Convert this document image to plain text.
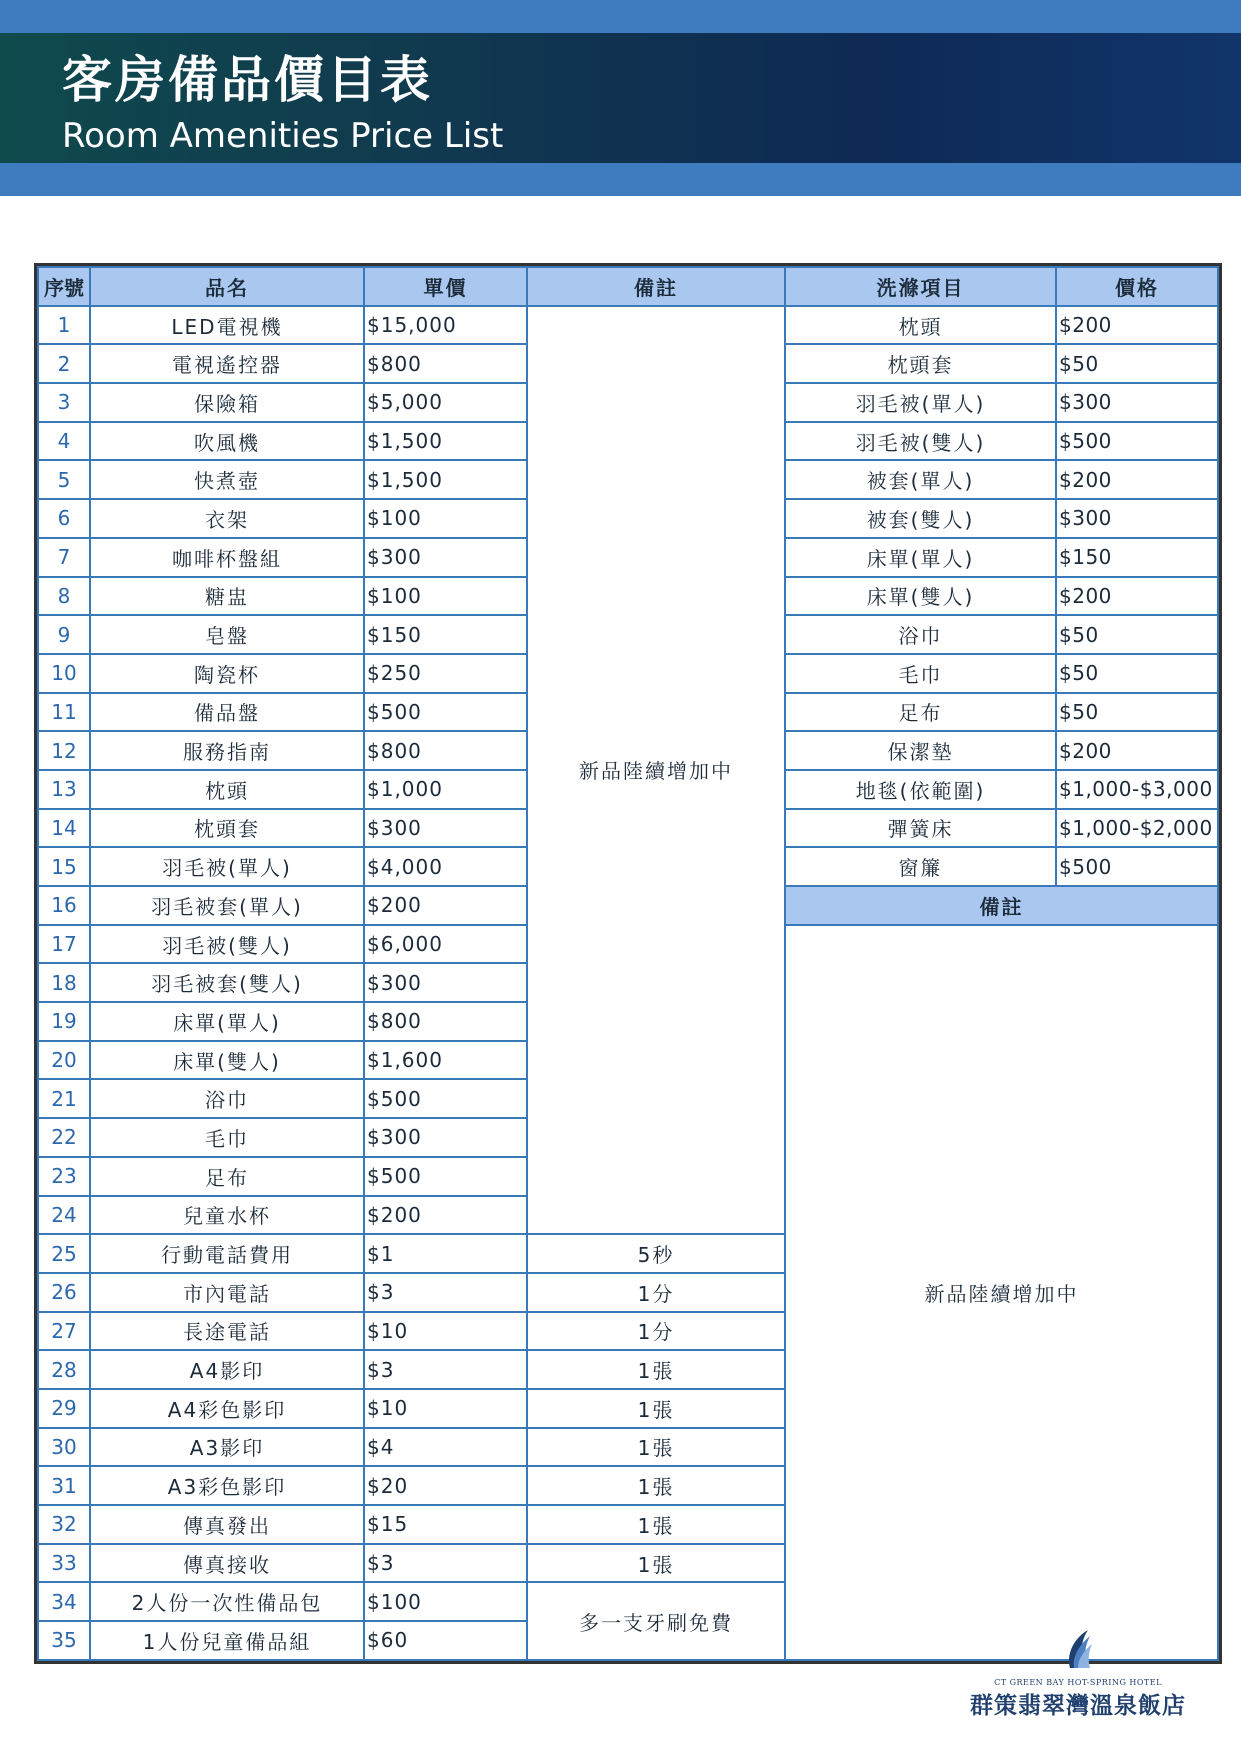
客房備品價目表
Room Amenities Price List
序號	品名	單價	備註	洗滌項目	價格
1	LED電視機	$15,000	新品陸續增加中	枕頭	$200
2	電視遙控器	$800		枕頭套	$50
3	保險箱	$5,000		羽毛被(單人)	$300
4	吹風機	$1,500		羽毛被(雙人)	$500
5	快煮壺	$1,500		被套(單人)	$200
6	衣架	$100		被套(雙人)	$300
7	咖啡杯盤組	$300		床單(單人)	$150
8	糖盅	$100		床單(雙人)	$200
9	皂盤	$150		浴巾	$50
10	陶瓷杯	$250		毛巾	$50
11	備品盤	$500		足布	$50
12	服務指南	$800		保潔墊	$200
13	枕頭	$1,000		地毯(依範圍)	$1,000-$3,000
14	枕頭套	$300		彈簧床	$1,000-$2,000
15	羽毛被(單人)	$4,000		窗簾	$500
16	羽毛被套(單人)	$200		備註	
17	羽毛被(雙人)	$6,000		新品陸續增加中	
18	羽毛被套(雙人)	$300			
19	床單(單人)	$800			
20	床單(雙人)	$1,600			
21	浴巾	$500			
22	毛巾	$300			
23	足布	$500			
24	兒童水杯	$200			
25	行動電話費用	$1	5秒		
26	市內電話	$3	1分		
27	長途電話	$10	1分		
28	A4影印	$3	1張		
29	A4彩色影印	$10	1張		
30	A3影印	$4	1張		
31	A3彩色影印	$20	1張		
32	傳真發出	$15	1張		
33	傳真接收	$3	1張		
34	2人份一次性備品包	$100	多一支牙刷免費		
35	1人份兒童備品組	$60			
CT GREEN BAY HOT-SPRING HOTEL
群策翡翠灣溫泉飯店
